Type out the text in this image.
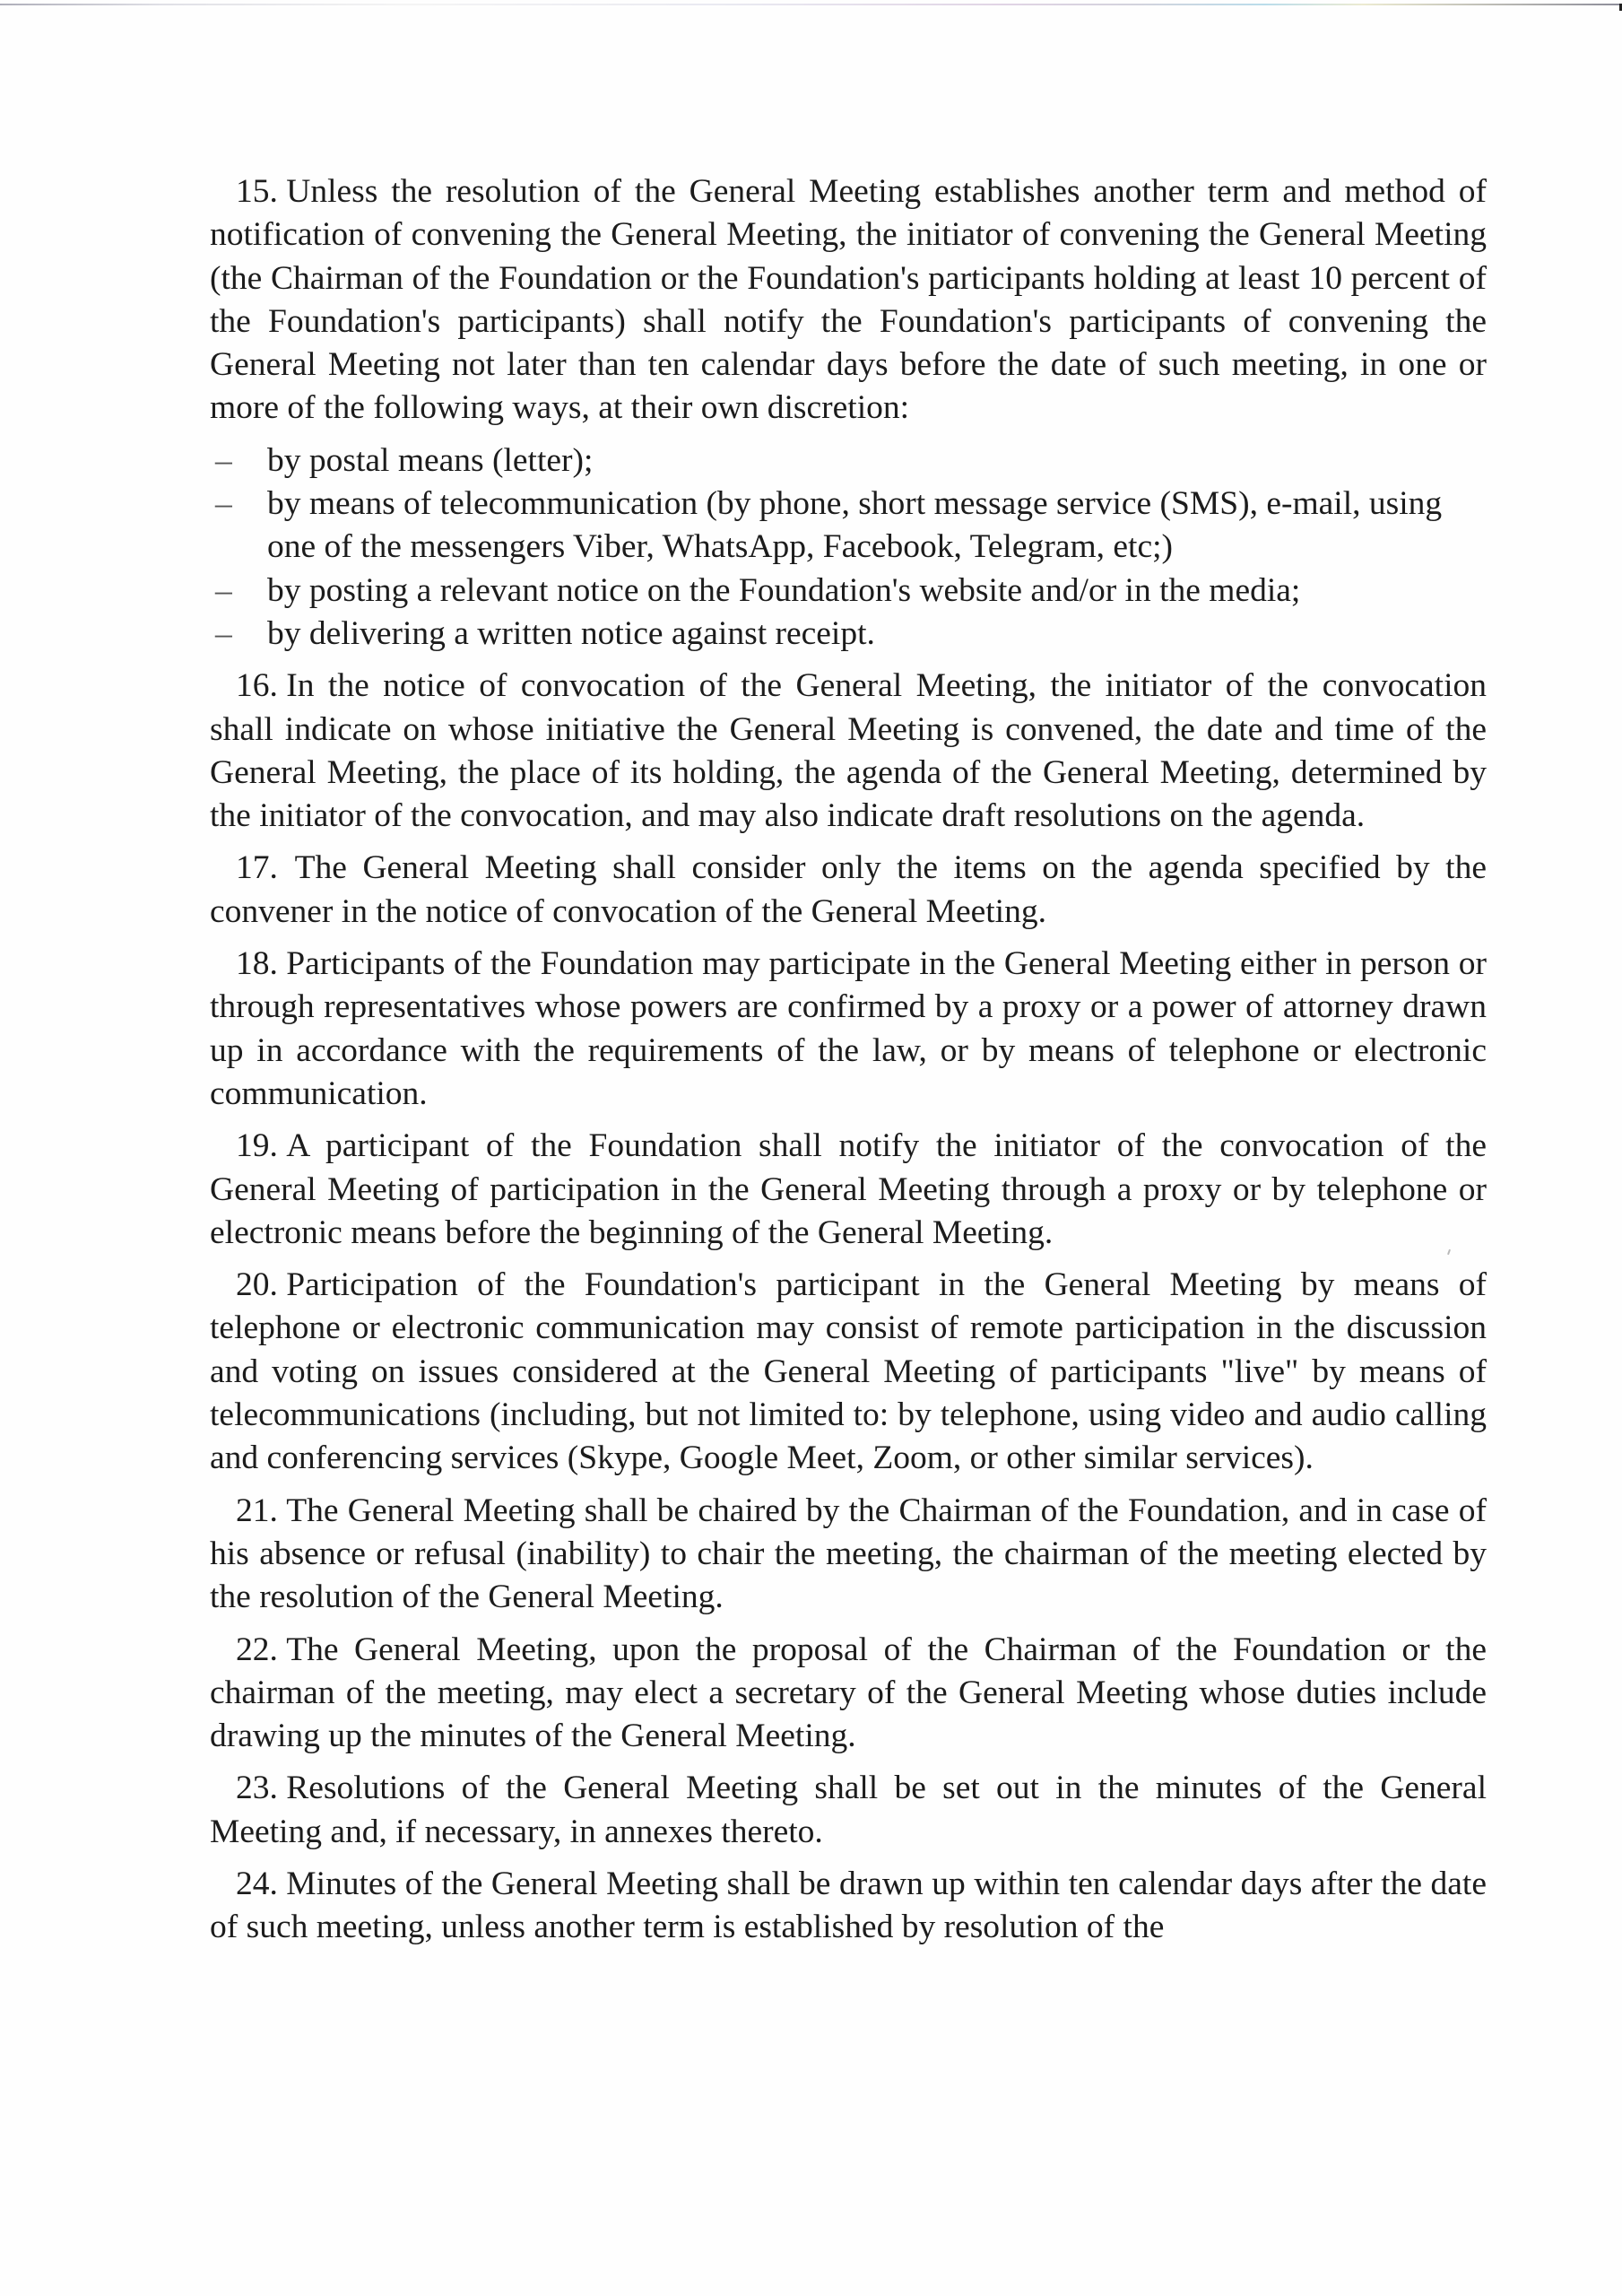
15. Unless the resolution of the General Meeting establishes another term and method of notification of convening the General Meeting, the initiator of convening the General Meeting (the Chairman of the Foundation or the Foundation's participants holding at least 10 percent of the Foundation's participants) shall notify the Foundation's participants of convening the General Meeting not later than ten calendar days before the date of such meeting, in one or more of the following ways, at their own discretion:

– by postal means (letter);
– by means of telecommunication (by phone, short message service (SMS), e-mail, using one of the messengers Viber, WhatsApp, Facebook, Telegram, etc;)
– by posting a relevant notice on the Foundation's website and/or in the media;
– by delivering a written notice against receipt.

16. In the notice of convocation of the General Meeting, the initiator of the convocation shall indicate on whose initiative the General Meeting is convened, the date and time of the General Meeting, the place of its holding, the agenda of the General Meeting, determined by the initiator of the convocation, and may also indicate draft resolutions on the agenda.

17. The General Meeting shall consider only the items on the agenda specified by the convener in the notice of convocation of the General Meeting.

18. Participants of the Foundation may participate in the General Meeting either in person or through representatives whose powers are confirmed by a proxy or a power of attorney drawn up in accordance with the requirements of the law, or by means of telephone or electronic communication.

19. A participant of the Foundation shall notify the initiator of the convocation of the General Meeting of participation in the General Meeting through a proxy or by telephone or electronic means before the beginning of the General Meeting.

20. Participation of the Foundation's participant in the General Meeting by means of telephone or electronic communication may consist of remote participation in the discussion and voting on issues considered at the General Meeting of participants "live" by means of telecommunications (including, but not limited to: by telephone, using video and audio calling and conferencing services (Skype, Google Meet, Zoom, or other similar services).

21. The General Meeting shall be chaired by the Chairman of the Foundation, and in case of his absence or refusal (inability) to chair the meeting, the chairman of the meeting elected by the resolution of the General Meeting.

22. The General Meeting, upon the proposal of the Chairman of the Foundation or the chairman of the meeting, may elect a secretary of the General Meeting whose duties include drawing up the minutes of the General Meeting.

23. Resolutions of the General Meeting shall be set out in the minutes of the General Meeting and, if necessary, in annexes thereto.

24. Minutes of the General Meeting shall be drawn up within ten calendar days after the date of such meeting, unless another term is established by resolution of the
